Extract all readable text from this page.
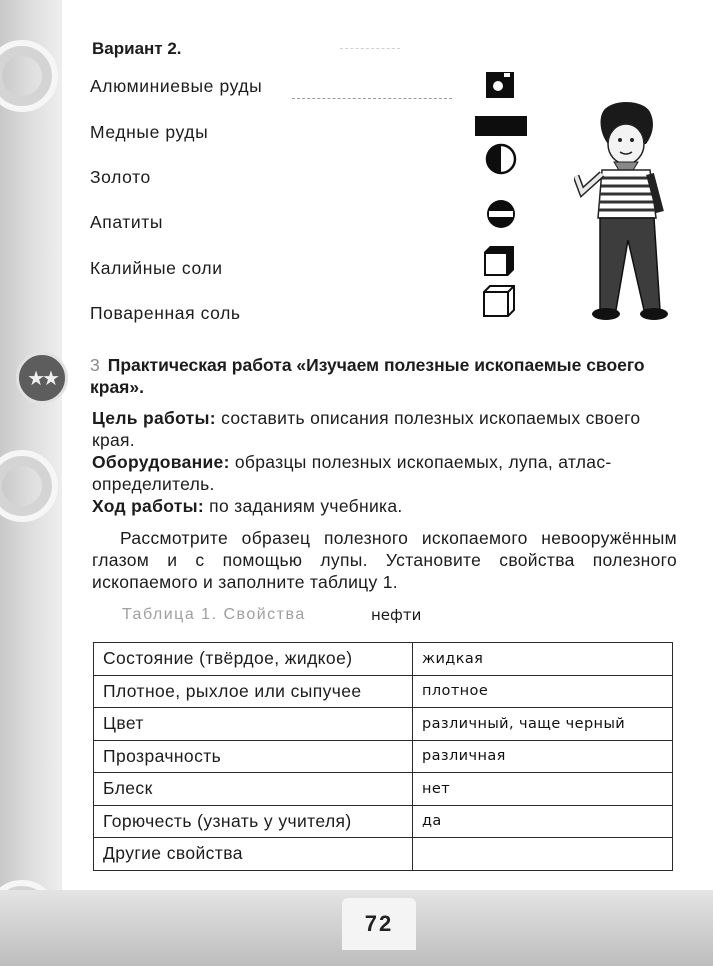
★★
72
Вариант 2.
Алюминиевые руды
Медные руды
Золото
Апатиты
Калийные соли
Поваренная соль
3 Практическая работа «Изучаем полезные ископаемые своего края».
Цель работы: составить описания полезных ископаемых своего края.
Оборудование: образцы полезных ископаемых, лупа, атлас-определитель.
Ход работы: по заданиям учебника.
Рассмотрите образец полезного ископаемого невооружённым глазом и с помощью лупы. Установите свойства полезного ископаемого и заполните таблицу 1.
Таблица 1. Свойства	нефти
Состояние (твёрдое, жидкое)	жидкая
Плотное, рыхлое или сыпучее	плотное
Цвет	различный, чаще черный
Прозрачность	различная
Блеск	нет
Горючесть (узнать у учителя)	да
Другие свойства	
